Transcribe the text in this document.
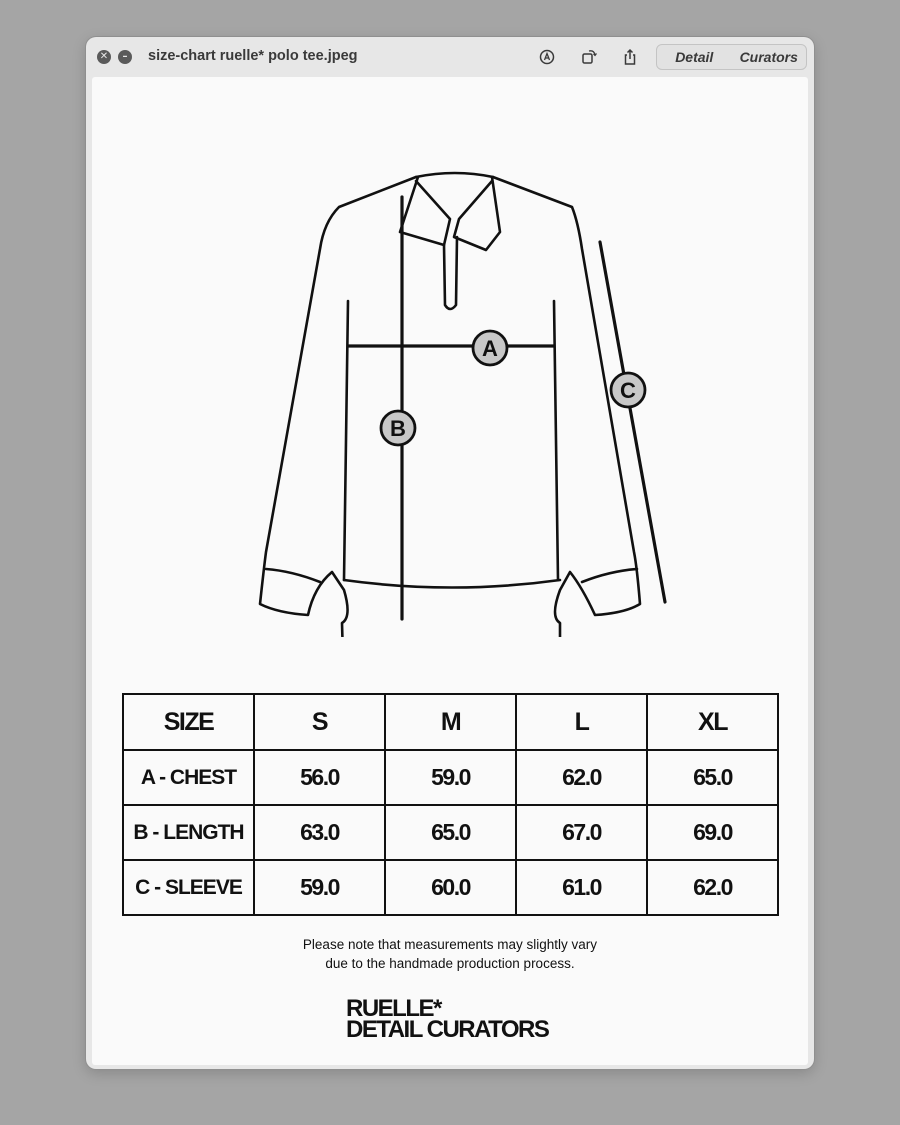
✕	–	size-chart ruelle* polo tee.jpeg	Detail	Curators
A
B
C
SIZE	S	M	L	XL
A - CHEST	56.0	59.0	62.0	65.0
B - LENGTH	63.0	65.0	67.0	69.0
C - SLEEVE	59.0	60.0	61.0	62.0
Please note that measurements may slightly vary
due to the handmade production process.
RUELLE*
DETAIL CURATORS
